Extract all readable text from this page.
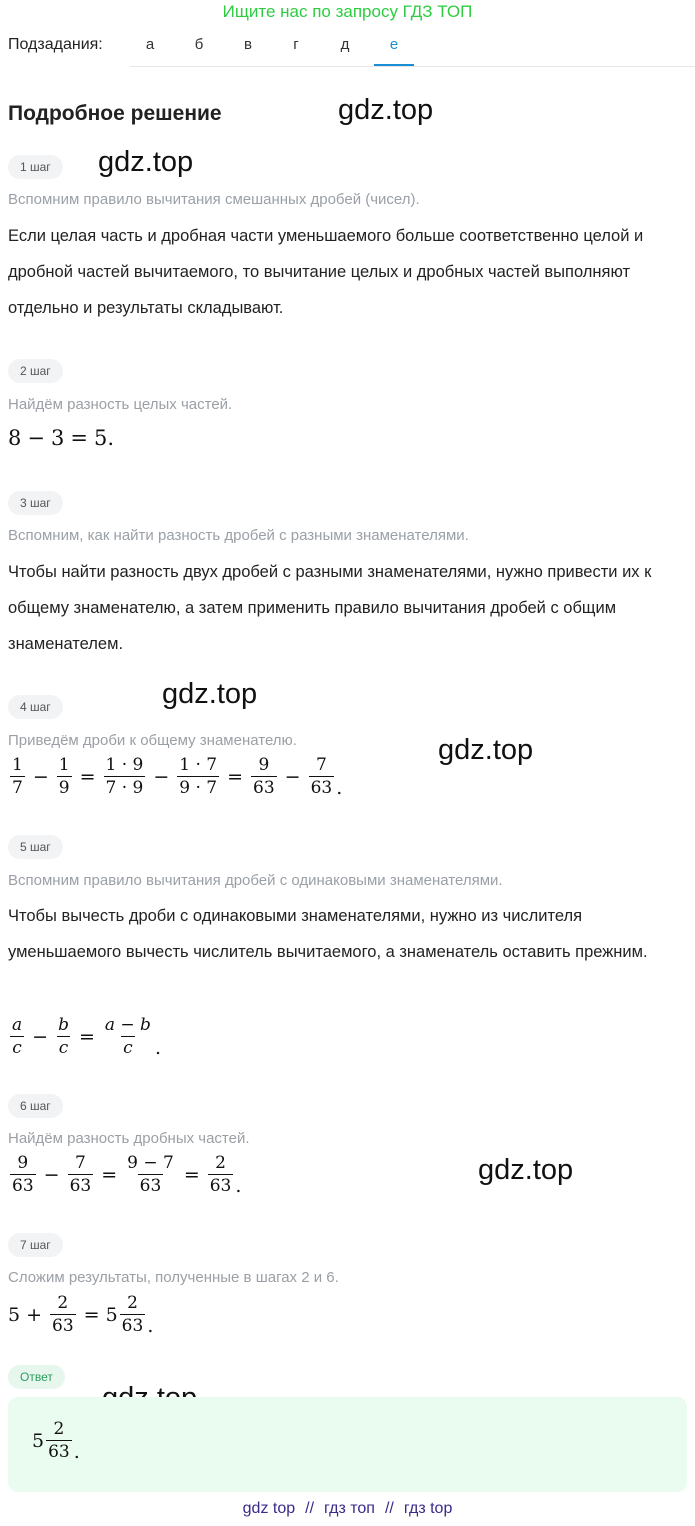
Ищите нас по запросу ГДЗ ТОП
Подзадания:	а	б	в	г	д	е
Подробное решение	gdz.top
gdz.top
gdz.top
gdz.top
gdz.top
1 шаг
Вспомним правило вычитания смешанных дробей (чисел).
Если целая часть и дробная части уменьшаемого больше соответственно целой и дробной частей вычитаемого, то вычитание целых и дробных частей выполняют отдельно и результаты складывают.
2 шаг
Найдём разность целых частей.
8 − 3 = 5.
3 шаг
Вспомним, как найти разность дробей с разными знаменателями.
Чтобы найти разность двух дробей с разными знаменателями, нужно привести их к общему знаменателю, а затем применить правило вычитания дробей с общим знаменателем.
4 шаг
Приведём дроби к общему знаменателю.
$\frac{1}{7} - \frac{1}{9} = \frac{1 \cdot 9}{7 \cdot 9} - \frac{1 \cdot 7}{9 \cdot 7} = \frac{9}{63} - \frac{7}{63}$ .
5 шаг
Вспомним правило вычитания дробей с одинаковыми знаменателями.
Чтобы вычесть дроби с одинаковыми знаменателями, нужно из числителя уменьшаемого вычесть числитель вычитаемого, а знаменатель оставить прежним.
$\frac{a}{c} - \frac{b}{c} = \frac{a - b}{c}$ .
6 шаг
Найдём разность дробных частей.
$\frac{9}{63} - \frac{7}{63} = \frac{9 - 7}{63} = \frac{2}{63}$ .
7 шаг
Сложим результаты, полученные в шагах 2 и 6.
$5 + \frac{2}{63} = 5 \frac{2}{63}$ .
Ответ
$5 \frac{2}{63}$ .
gdz top // гдз топ // гдз top
